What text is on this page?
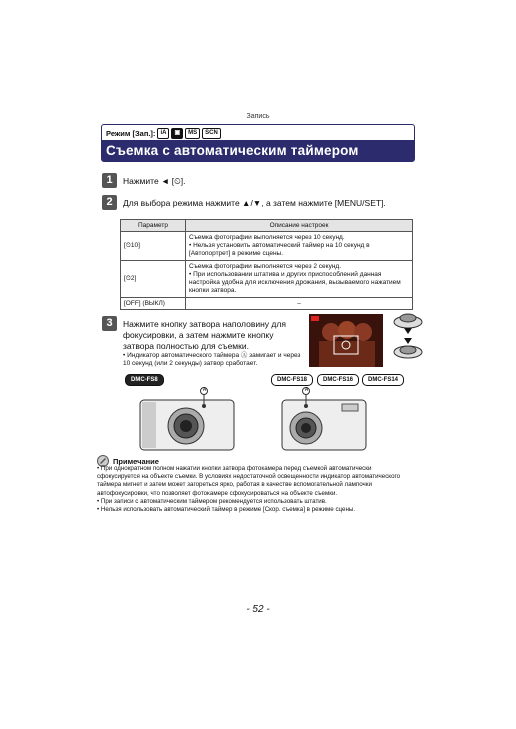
Запись
Режим [Зап.]: iA	▣	MS	SCN
Съемка с автоматическим таймером
1	Нажмите ◄ [⏲].
2	Для выбора режима нажмите ▲/▼, а затем нажмите [MENU/SET].
Параметр	Описание настроек
[⏲10]	Съемка фотографии выполняется через 10 секунд.
• Нельзя установить автоматический таймер на 10 секунд в [Автопортрет] в режиме сцены.

[⏲2]	Съемка фотографии выполняется через 2 секунд.
• При использовании штатива и других приспособлений данная настройка удобна для исключения дрожания, вызываемого нажатием кнопки затвора.

[OFF] (ВЫКЛ)	–
3	Нажмите кнопку затвора наполовину для фокусировки, а затем нажмите кнопку затвора полностью для съемки.
• Индикатор автоматического таймера Ⓐ замигает и через 10 секунд (или 2 секунды) затвор сработает.
DMC-FS8	DMC-FS18	DMC-FS16	DMC-FS14
A	A
Примечание

• При однократном полном нажатии кнопки затвора фотокамера перед съемкой автоматически сфокусируется на объекте съемки. В условиях недостаточной освещенности индикатор автоматического таймера мигнет и затем может загореться ярко, работая в качестве вспомогательной лампочки автофокусировки, что позволяет фотокамере сфокусироваться на объекте съемки.

• При записи с автоматическим таймером рекомендуется использовать штатив.

• Нельзя использовать автоматический таймер в режиме [Скор. съемка] в режиме сцены.

- 52 -
